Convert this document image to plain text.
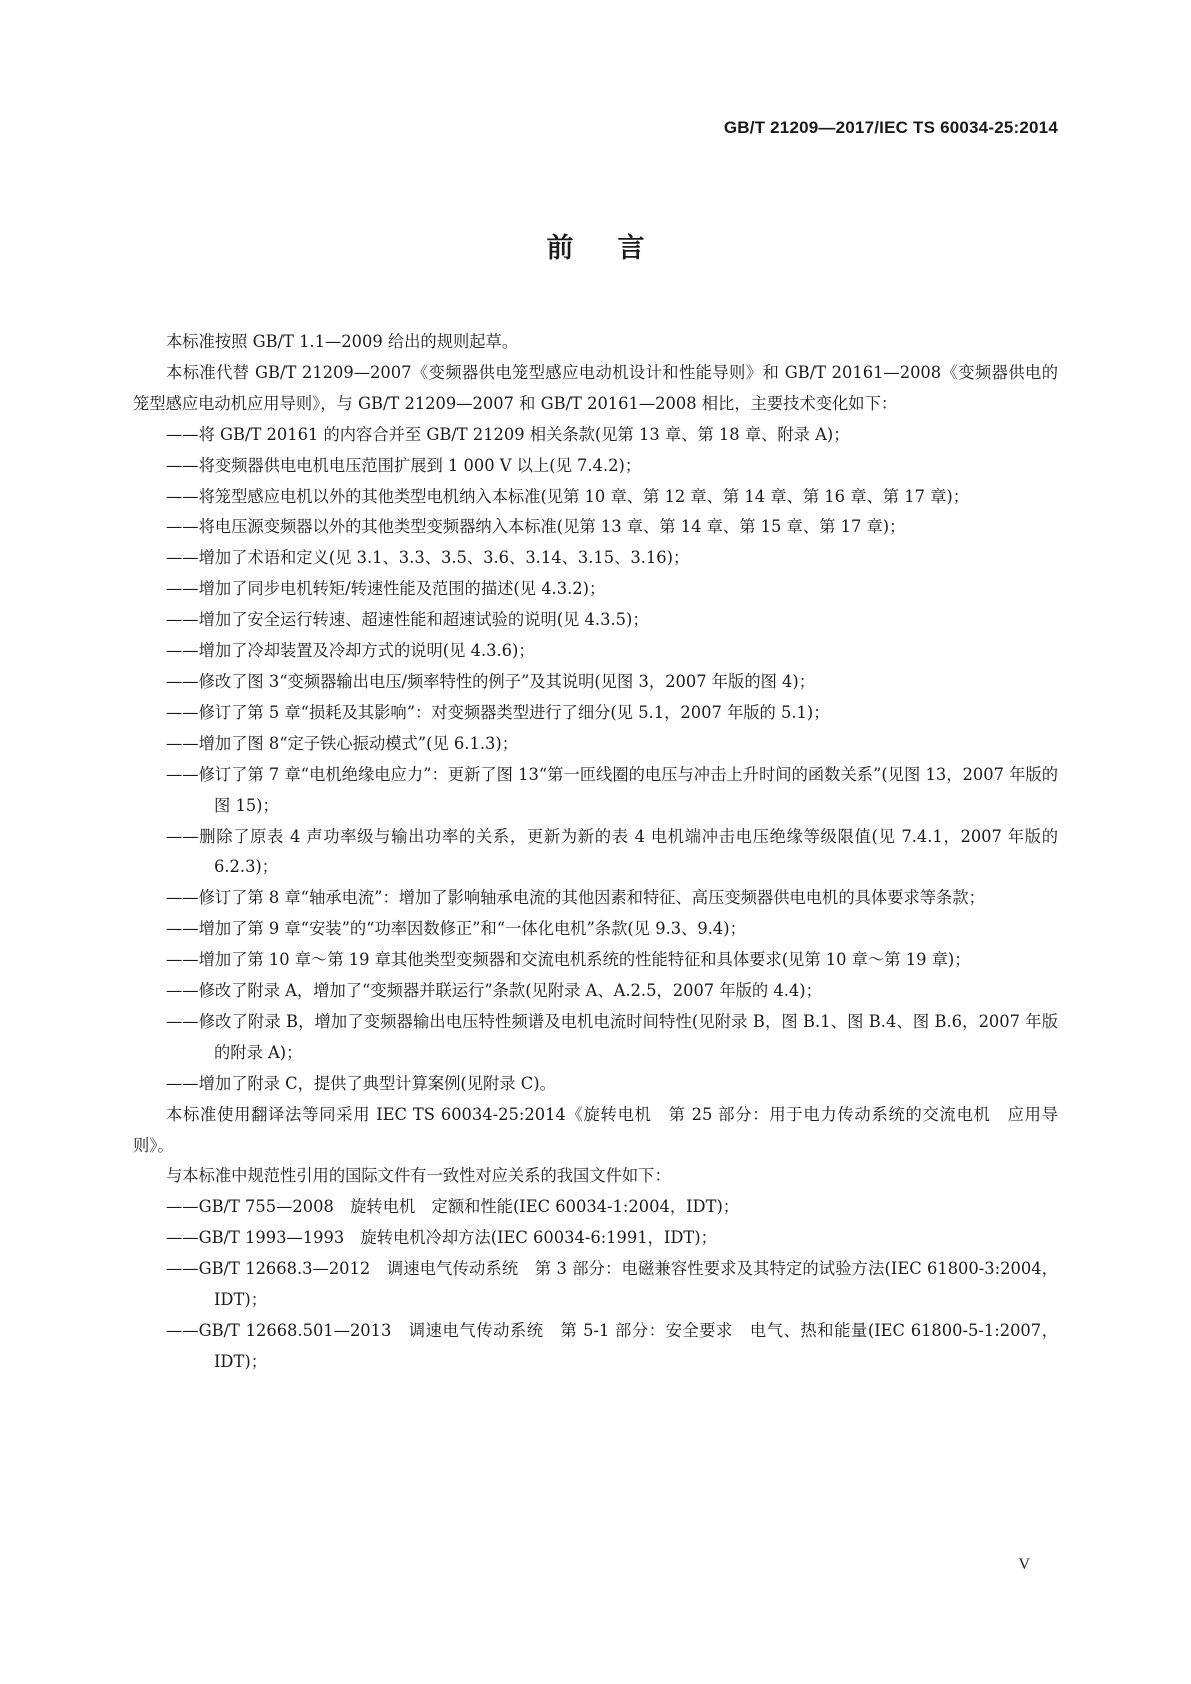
GB/T 21209—2017/IEC TS 60034-25:2014
前言

本标准按照 GB/T 1.1—2009 给出的规则起草。

本标准代替 GB/T 21209—2007《变频器供电笼型感应电动机设计和性能导则》和 GB/T 20161—2008《变频器供电的笼型感应电动机应用导则》，与 GB/T 21209—2007 和 GB/T 20161—2008 相比，主要技术变化如下：

——将 GB/T 20161 的内容合并至 GB/T 21209 相关条款(见第 13 章、第 18 章、附录 A)；

——将变频器供电电机电压范围扩展到 1 000 V 以上(见 7.4.2)；

——将笼型感应电机以外的其他类型电机纳入本标准(见第 10 章、第 12 章、第 14 章、第 16 章、第 17 章)；

——将电压源变频器以外的其他类型变频器纳入本标准(见第 13 章、第 14 章、第 15 章、第 17 章)；

——增加了术语和定义(见 3.1、3.3、3.5、3.6、3.14、3.15、3.16)；

——增加了同步电机转矩/转速性能及范围的描述(见 4.3.2)；

——增加了安全运行转速、超速性能和超速试验的说明(见 4.3.5)；

——增加了冷却装置及冷却方式的说明(见 4.3.6)；

——修改了图 3“变频器输出电压/频率特性的例子”及其说明(见图 3，2007 年版的图 4)；

——修订了第 5 章“损耗及其影响”：对变频器类型进行了细分(见 5.1，2007 年版的 5.1)；

——增加了图 8“定子铁心振动模式”(见 6.1.3)；

——修订了第 7 章“电机绝缘电应力”：更新了图 13“第一匝线圈的电压与冲击上升时间的函数关系”(见图 13，2007 年版的图 15)；

——删除了原表 4 声功率级与输出功率的关系，更新为新的表 4 电机端冲击电压绝缘等级限值(见 7.4.1，2007 年版的 6.2.3)；

——修订了第 8 章“轴承电流”：增加了影响轴承电流的其他因素和特征、高压变频器供电电机的具体要求等条款；

——增加了第 9 章“安装”的“功率因数修正”和“一体化电机”条款(见 9.3、9.4)；

——增加了第 10 章～第 19 章其他类型变频器和交流电机系统的性能特征和具体要求(见第 10 章～第 19 章)；

——修改了附录 A，增加了“变频器并联运行”条款(见附录 A、A.2.5，2007 年版的 4.4)；

——修改了附录 B，增加了变频器输出电压特性频谱及电机电流时间特性(见附录 B，图 B.1、图 B.4、图 B.6，2007 年版的附录 A)；

——增加了附录 C，提供了典型计算案例(见附录 C)。

本标准使用翻译法等同采用 IEC TS 60034-25:2014《旋转电机　第 25 部分：用于电力传动系统的交流电机　应用导则》。

与本标准中规范性引用的国际文件有一致性对应关系的我国文件如下：

——GB/T 755—2008　旋转电机　定额和性能(IEC 60034-1:2004，IDT)；

——GB/T 1993—1993　旋转电机冷却方法(IEC 60034-6:1991，IDT)；

——GB/T 12668.3—2012　调速电气传动系统　第 3 部分：电磁兼容性要求及其特定的试验方法(IEC 61800-3:2004，IDT)；

——GB/T 12668.501—2013　调速电气传动系统　第 5-1 部分：安全要求　电气、热和能量(IEC 61800-5-1:2007，IDT)；

V
